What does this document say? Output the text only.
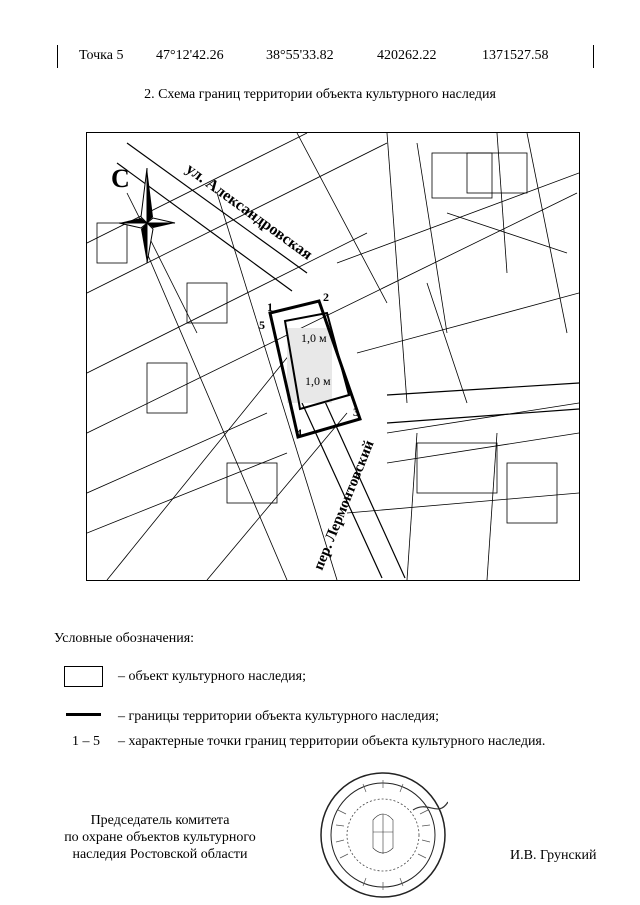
Точка 5 47°12'42.26	38°55'33.82	420262.22	1371527.58
2. Схема границ территории объекта культурного наследия
1
2
3
4
5
1,0 м
1,0 м
ул. Александровская
пер. Лермонтовский
С
Условные обозначения:
– объект культурного наследия;
– границы территории объекта культурного наследия;
1 – 5 – характерные точки границ территории объекта культурного наследия.
Председатель комитета
по охране объектов культурного
наследия Ростовской области	И.В. Грунский
